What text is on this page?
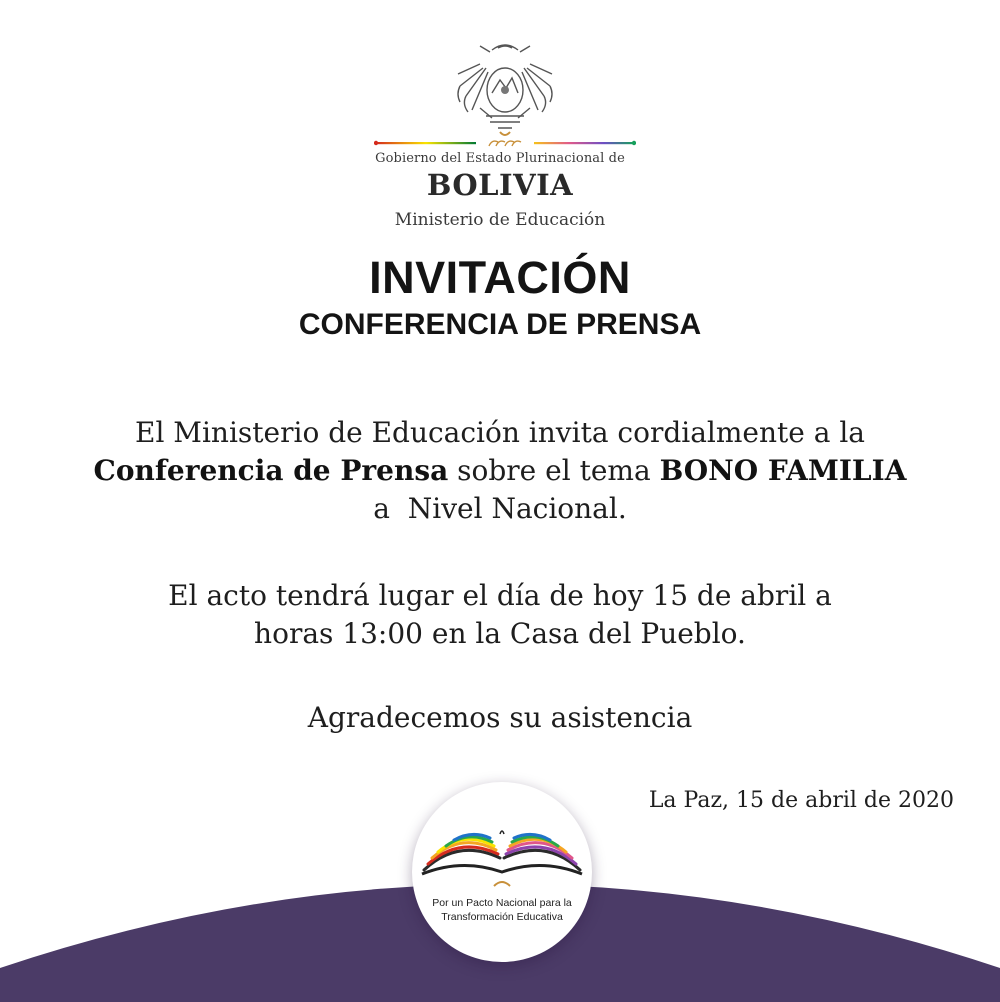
Gobierno del Estado Plurinacional de
BOLIVIA
Ministerio de Educación
INVITACIÓN
CONFERENCIA DE PRENSA
El Ministerio de Educación invita cordialmente a la
Conferencia de Prensa sobre el tema BONO FAMILIA
a  Nivel Nacional.
El acto tendrá lugar el día de hoy 15 de abril a
horas 13:00 en la Casa del Pueblo.
Agradecemos su asistencia
La Paz, 15 de abril de 2020
Por un Pacto Nacional para la
Transformación Educativa
